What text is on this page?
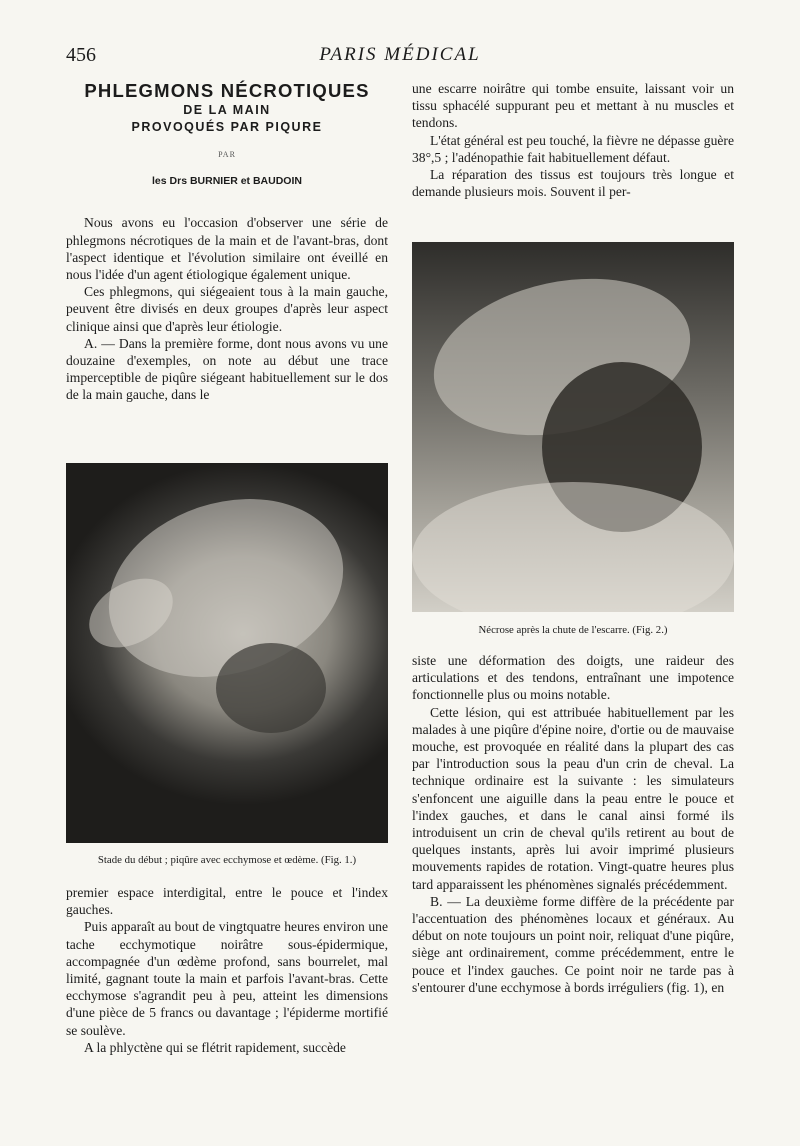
456	PARIS MÉDICAL
PHLEGMONS NÉCROTIQUES
DE LA MAIN
PROVOQUÉS PAR PIQURE
PAR
les Drs BURNIER et BAUDOIN

Nous avons eu l'occasion d'observer une série de phlegmons nécrotiques de la main et de l'avant-bras, dont l'aspect identique et l'évolution similaire ont éveillé en nous l'idée d'un agent étiologique également unique.

Ces phlegmons, qui siégeaient tous à la main gauche, peuvent être divisés en deux groupes d'après leur aspect clinique ainsi que d'après leur étiologie.

A. — Dans la première forme, dont nous avons vu une douzaine d'exemples, on note au début une trace imperceptible de piqûre siégeant habituellement sur le dos de la main gauche, dans le

Stade du début ; piqûre avec ecchymose et œdème. (Fig. 1.)

premier espace interdigital, entre le pouce et l'index gauches.

Puis apparaît au bout de vingtquatre heures environ une tache ecchymotique noirâtre sous-épidermique, accompagnée d'un œdème profond, sans bourrelet, mal limité, gagnant toute la main et parfois l'avant-bras. Cette ecchymose s'agrandit peu à peu, atteint les dimensions d'une pièce de 5 francs ou davantage ; l'épiderme mortifié se soulève.

A la phlyctène qui se flétrit rapidement, succède

une escarre noirâtre qui tombe ensuite, laissant voir un tissu sphacélé suppurant peu et mettant à nu muscles et tendons.

L'état général est peu touché, la fièvre ne dépasse guère 38°,5 ; l'adénopathie fait habituellement défaut.

La réparation des tissus est toujours très longue et demande plusieurs mois. Souvent il per-

Nécrose après la chute de l'escarre. (Fig. 2.)

siste une déformation des doigts, une raideur des articulations et des tendons, entraînant une impotence fonctionnelle plus ou moins notable.

Cette lésion, qui est attribuée habituellement par les malades à une piqûre d'épine noire, d'ortie ou de mauvaise mouche, est provoquée en réalité dans la plupart des cas par l'introduction sous la peau d'un crin de cheval. La technique ordinaire est la suivante : les simulateurs s'enfoncent une aiguille dans la peau entre le pouce et l'index gauches, et dans le canal ainsi formé ils introduisent un crin de cheval qu'ils retirent au bout de quelques instants, après lui avoir imprimé plusieurs mouvements rapides de rotation. Vingt-quatre heures plus tard apparaissent les phénomènes signalés précédemment.

B. — La deuxième forme diffère de la précédente par l'accentuation des phénomènes locaux et généraux. Au début on note toujours un point noir, reliquat d'une piqûre, siège ant ordinairement, comme précédemment, entre le pouce et l'index gauches. Ce point noir ne tarde pas à s'entourer d'une ecchymose à bords irréguliers (fig. 1), en
